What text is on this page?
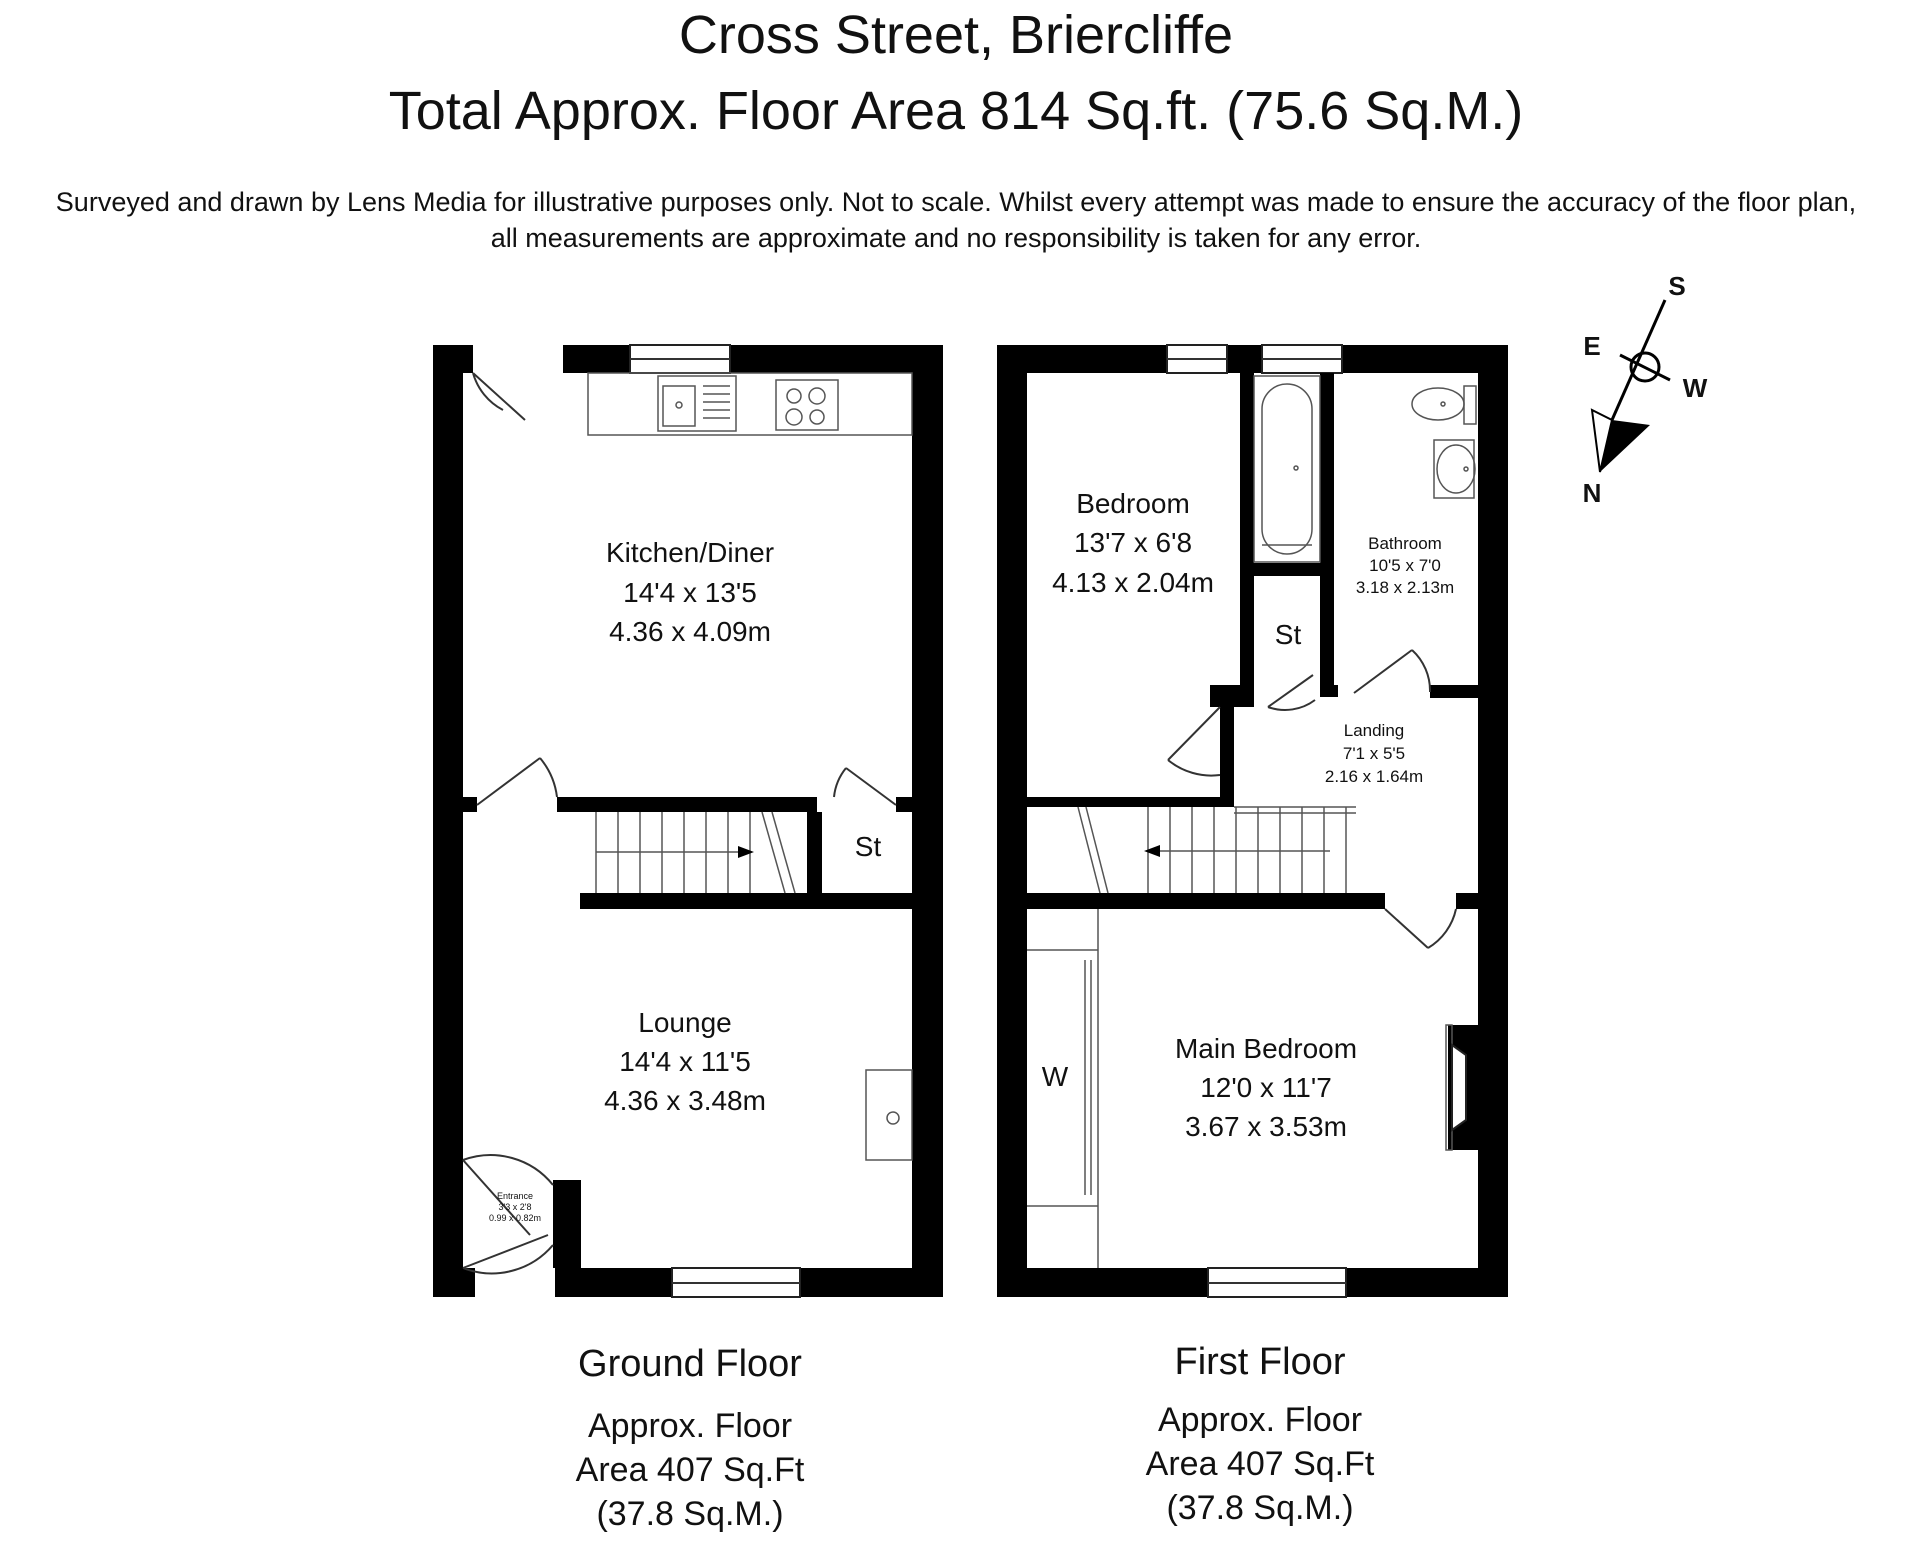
Cross Street, Briercliffe
Total Approx. Floor Area 814 Sq.ft. (75.6 Sq.M.)
Surveyed and drawn by Lens Media for illustrative purposes only. Not to scale. Whilst every attempt was made to ensure the accuracy of the floor plan,
all measurements are approximate and no responsibility is taken for any error.
Kitchen/Diner
14'4 x 13'5
4.36 x 4.09m
St
Lounge
14'4 x 11'5
4.36 x 3.48m
Entrance
3'3 x 2'8
0.99 x 0.82m
Bedroom
13'7 x 6'8
4.13 x 2.04m
Bathroom
10'5 x 7'0
3.18 x 2.13m
St
Landing
7'1 x 5'5
2.16 x 1.64m
W
Main Bedroom
12'0 x 11'7
3.67 x 3.53m
S
E
W
N
Ground Floor
Approx. Floor
Area 407 Sq.Ft
(37.8 Sq.M.)
First Floor
Approx. Floor
Area 407 Sq.Ft
(37.8 Sq.M.)
